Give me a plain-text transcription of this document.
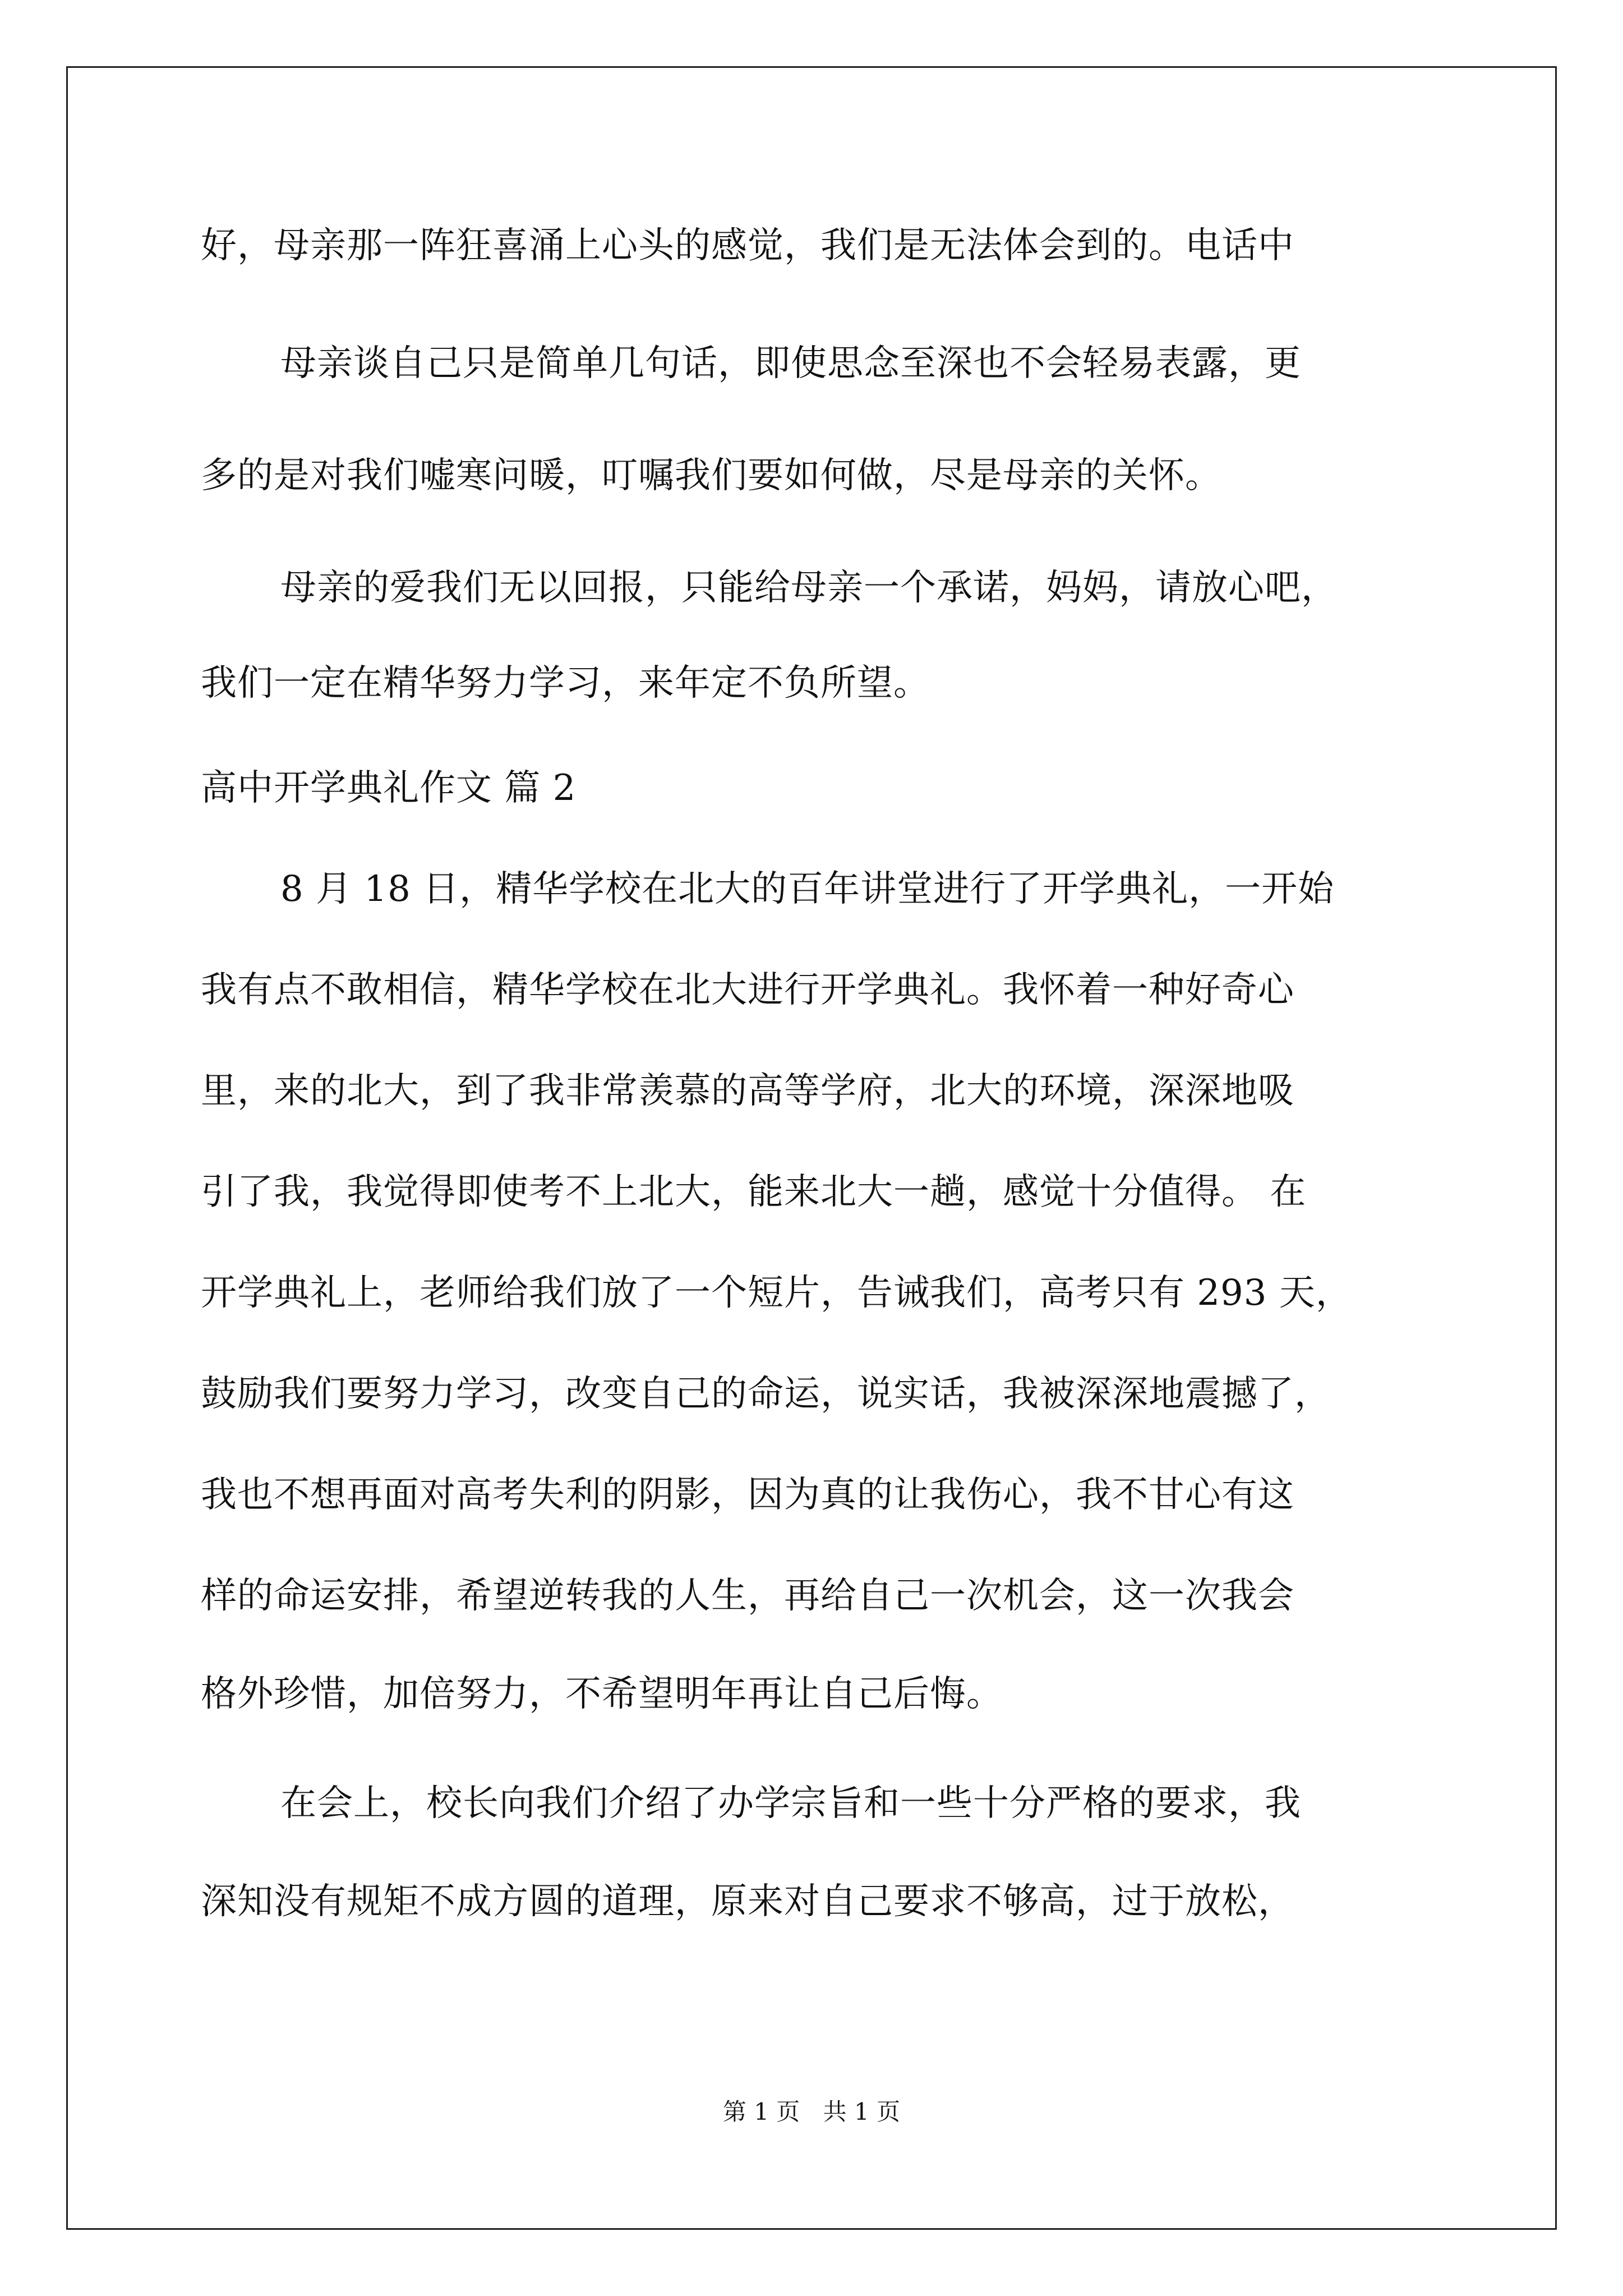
好，母亲那一阵狂喜涌上心头的感觉，我们是无法体会到的。电话中
母亲谈自己只是简单几句话，即使思念至深也不会轻易表露，更
多的是对我们嘘寒问暖，叮嘱我们要如何做，尽是母亲的关怀。
母亲的爱我们无以回报，只能给母亲一个承诺，妈妈，请放心吧，
我们一定在精华努力学习，来年定不负所望。
高中开学典礼作文 篇 2
8 月 18 日，精华学校在北大的百年讲堂进行了开学典礼，一开始
我有点不敢相信，精华学校在北大进行开学典礼。我怀着一种好奇心
里，来的北大，到了我非常羡慕的高等学府，北大的环境，深深地吸
引了我，我觉得即使考不上北大，能来北大一趟，感觉十分值得。 在
开学典礼上，老师给我们放了一个短片，告诫我们，高考只有 293 天，
鼓励我们要努力学习，改变自己的命运，说实话，我被深深地震撼了，
我也不想再面对高考失利的阴影，因为真的让我伤心，我不甘心有这
样的命运安排，希望逆转我的人生，再给自己一次机会，这一次我会
格外珍惜，加倍努力，不希望明年再让自己后悔。
在会上，校长向我们介绍了办学宗旨和一些十分严格的要求，我
深知没有规矩不成方圆的道理，原来对自己要求不够高，过于放松，
第 1 页 共 1 页
